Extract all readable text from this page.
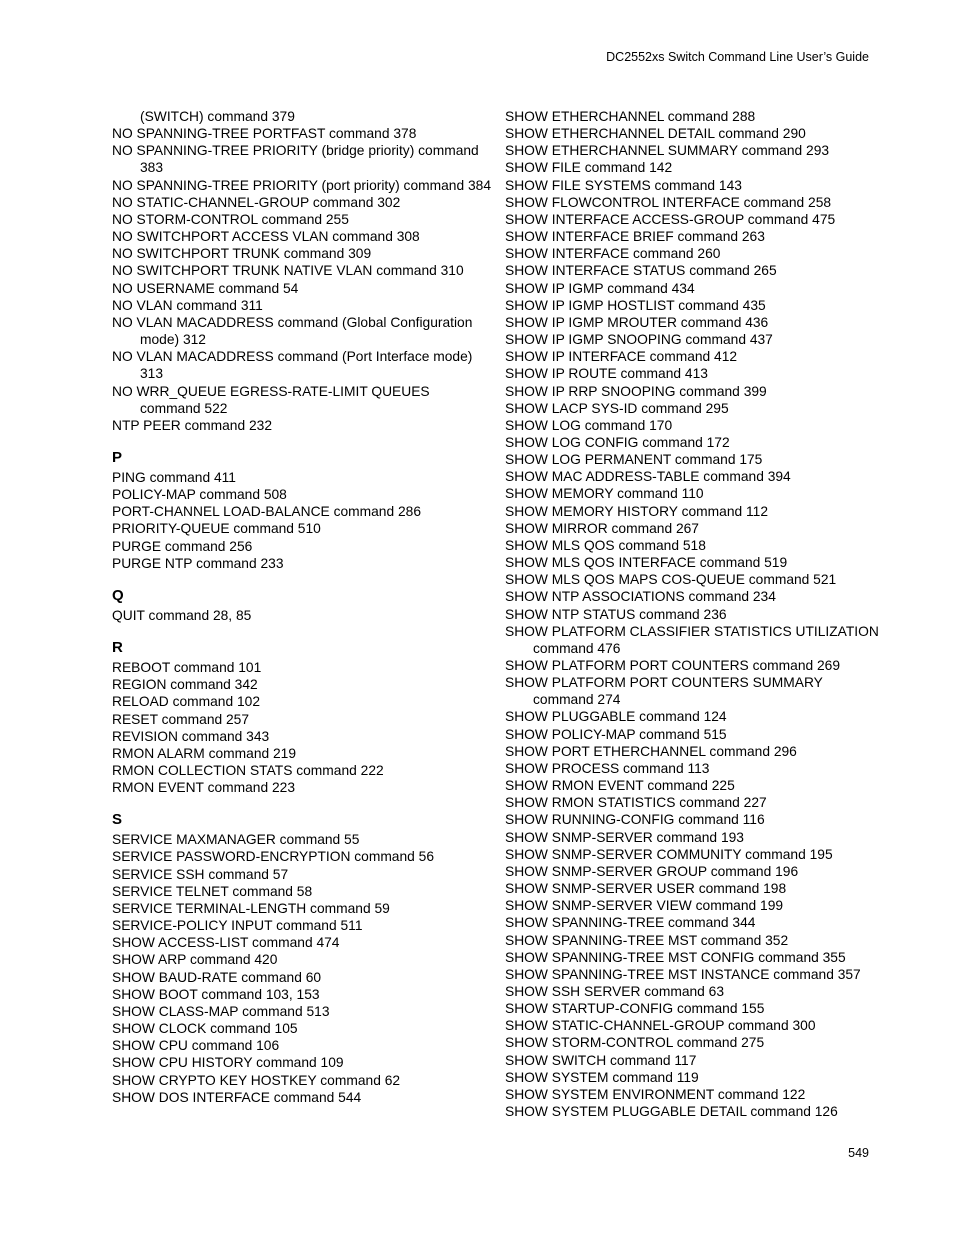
DC2552xs Switch Command Line User’s Guide
(SWITCH) command 379
NO SPANNING-TREE PORTFAST command 378
NO SPANNING-TREE PRIORITY (bridge priority) command 383
NO SPANNING-TREE PRIORITY (port priority) command 384
NO STATIC-CHANNEL-GROUP command 302
NO STORM-CONTROL command 255
NO SWITCHPORT ACCESS VLAN command 308
NO SWITCHPORT TRUNK command 309
NO SWITCHPORT TRUNK NATIVE VLAN command 310
NO USERNAME command 54
NO VLAN command 311
NO VLAN MACADDRESS command (Global Configuration mode) 312
NO VLAN MACADDRESS command (Port Interface mode) 313
NO WRR_QUEUE EGRESS-RATE-LIMIT QUEUES command 522
NTP PEER command 232
P
PING command 411
POLICY-MAP command 508
PORT-CHANNEL LOAD-BALANCE command 286
PRIORITY-QUEUE command 510
PURGE command 256
PURGE NTP command 233
Q
QUIT command 28, 85
R
REBOOT command 101
REGION command 342
RELOAD command 102
RESET command 257
REVISION command 343
RMON ALARM command 219
RMON COLLECTION STATS command 222
RMON EVENT command 223
S
SERVICE MAXMANAGER command 55
SERVICE PASSWORD-ENCRYPTION command 56
SERVICE SSH command 57
SERVICE TELNET command 58
SERVICE TERMINAL-LENGTH command 59
SERVICE-POLICY INPUT command 511
SHOW ACCESS-LIST command 474
SHOW ARP command 420
SHOW BAUD-RATE command 60
SHOW BOOT command 103, 153
SHOW CLASS-MAP command 513
SHOW CLOCK command 105
SHOW CPU command 106
SHOW CPU HISTORY command 109
SHOW CRYPTO KEY HOSTKEY command 62
SHOW DOS INTERFACE command 544
SHOW ETHERCHANNEL command 288
SHOW ETHERCHANNEL DETAIL command 290
SHOW ETHERCHANNEL SUMMARY command 293
SHOW FILE command 142
SHOW FILE SYSTEMS command 143
SHOW FLOWCONTROL INTERFACE command 258
SHOW INTERFACE ACCESS-GROUP command 475
SHOW INTERFACE BRIEF command 263
SHOW INTERFACE command 260
SHOW INTERFACE STATUS command 265
SHOW IP IGMP command 434
SHOW IP IGMP HOSTLIST command 435
SHOW IP IGMP MROUTER command 436
SHOW IP IGMP SNOOPING command 437
SHOW IP INTERFACE command 412
SHOW IP ROUTE command 413
SHOW IP RRP SNOOPING command 399
SHOW LACP SYS-ID command 295
SHOW LOG command 170
SHOW LOG CONFIG command 172
SHOW LOG PERMANENT command 175
SHOW MAC ADDRESS-TABLE command 394
SHOW MEMORY command 110
SHOW MEMORY HISTORY command 112
SHOW MIRROR command 267
SHOW MLS QOS command 518
SHOW MLS QOS INTERFACE command 519
SHOW MLS QOS MAPS COS-QUEUE command 521
SHOW NTP ASSOCIATIONS command 234
SHOW NTP STATUS command 236
SHOW PLATFORM CLASSIFIER STATISTICS UTILIZATION command 476
SHOW PLATFORM PORT COUNTERS command 269
SHOW PLATFORM PORT COUNTERS SUMMARY command 274
SHOW PLUGGABLE command 124
SHOW POLICY-MAP command 515
SHOW PORT ETHERCHANNEL command 296
SHOW PROCESS command 113
SHOW RMON EVENT command 225
SHOW RMON STATISTICS command 227
SHOW RUNNING-CONFIG command 116
SHOW SNMP-SERVER command 193
SHOW SNMP-SERVER COMMUNITY command 195
SHOW SNMP-SERVER GROUP command 196
SHOW SNMP-SERVER USER command 198
SHOW SNMP-SERVER VIEW command 199
SHOW SPANNING-TREE command 344
SHOW SPANNING-TREE MST command 352
SHOW SPANNING-TREE MST CONFIG command 355
SHOW SPANNING-TREE MST INSTANCE command 357
SHOW SSH SERVER command 63
SHOW STARTUP-CONFIG command 155
SHOW STATIC-CHANNEL-GROUP command 300
SHOW STORM-CONTROL command 275
SHOW SWITCH command 117
SHOW SYSTEM command 119
SHOW SYSTEM ENVIRONMENT command 122
SHOW SYSTEM PLUGGABLE DETAIL command 126
549
